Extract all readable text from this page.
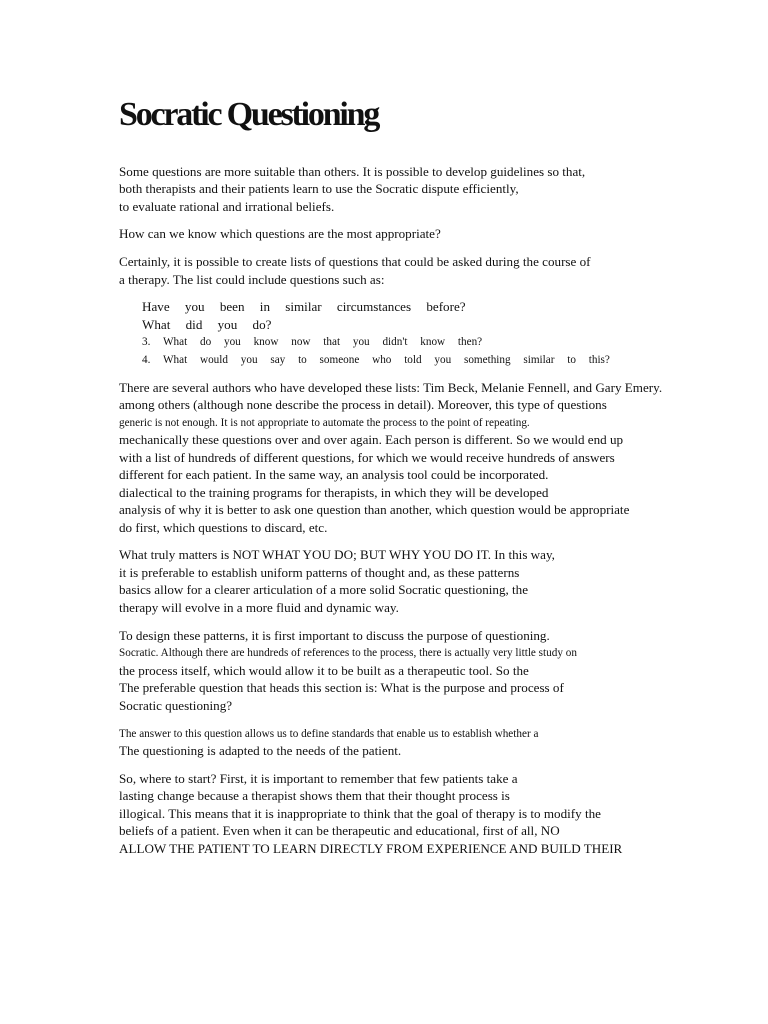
Socratic Questioning
Some questions are more suitable than others. It is possible to develop guidelines so that,
both therapists and their patients learn to use the Socratic dispute efficiently,
to evaluate rational and irrational beliefs.
How can we know which questions are the most appropriate?
Certainly, it is possible to create lists of questions that could be asked during the course of
a therapy. The list could include questions such as:
Have you been in similar circumstances before?
What did you do?
3. What do you know now that you didn't know then?
4. What would you say to someone who told you something similar to this?
There are several authors who have developed these lists: Tim Beck, Melanie Fennell, and Gary Emery.
among others (although none describe the process in detail). Moreover, this type of questions
generic is not enough. It is not appropriate to automate the process to the point of repeating.
mechanically these questions over and over again. Each person is different. So we would end up
with a list of hundreds of different questions, for which we would receive hundreds of answers
different for each patient. In the same way, an analysis tool could be incorporated.
dialectical to the training programs for therapists, in which they will be developed
analysis of why it is better to ask one question than another, which question would be appropriate
do first, which questions to discard, etc.
What truly matters is NOT WHAT YOU DO; BUT WHY YOU DO IT. In this way,
it is preferable to establish uniform patterns of thought and, as these patterns
basics allow for a clearer articulation of a more solid Socratic questioning, the
therapy will evolve in a more fluid and dynamic way.
To design these patterns, it is first important to discuss the purpose of questioning.
Socratic. Although there are hundreds of references to the process, there is actually very little study on
the process itself, which would allow it to be built as a therapeutic tool. So the
The preferable question that heads this section is: What is the purpose and process of
Socratic questioning?
The answer to this question allows us to define standards that enable us to establish whether a
The questioning is adapted to the needs of the patient.
So, where to start? First, it is important to remember that few patients take a
lasting change because a therapist shows them that their thought process is
illogical. This means that it is inappropriate to think that the goal of therapy is to modify the
beliefs of a patient. Even when it can be therapeutic and educational, first of all, NO
ALLOW THE PATIENT TO LEARN DIRECTLY FROM EXPERIENCE AND BUILD THEIR
